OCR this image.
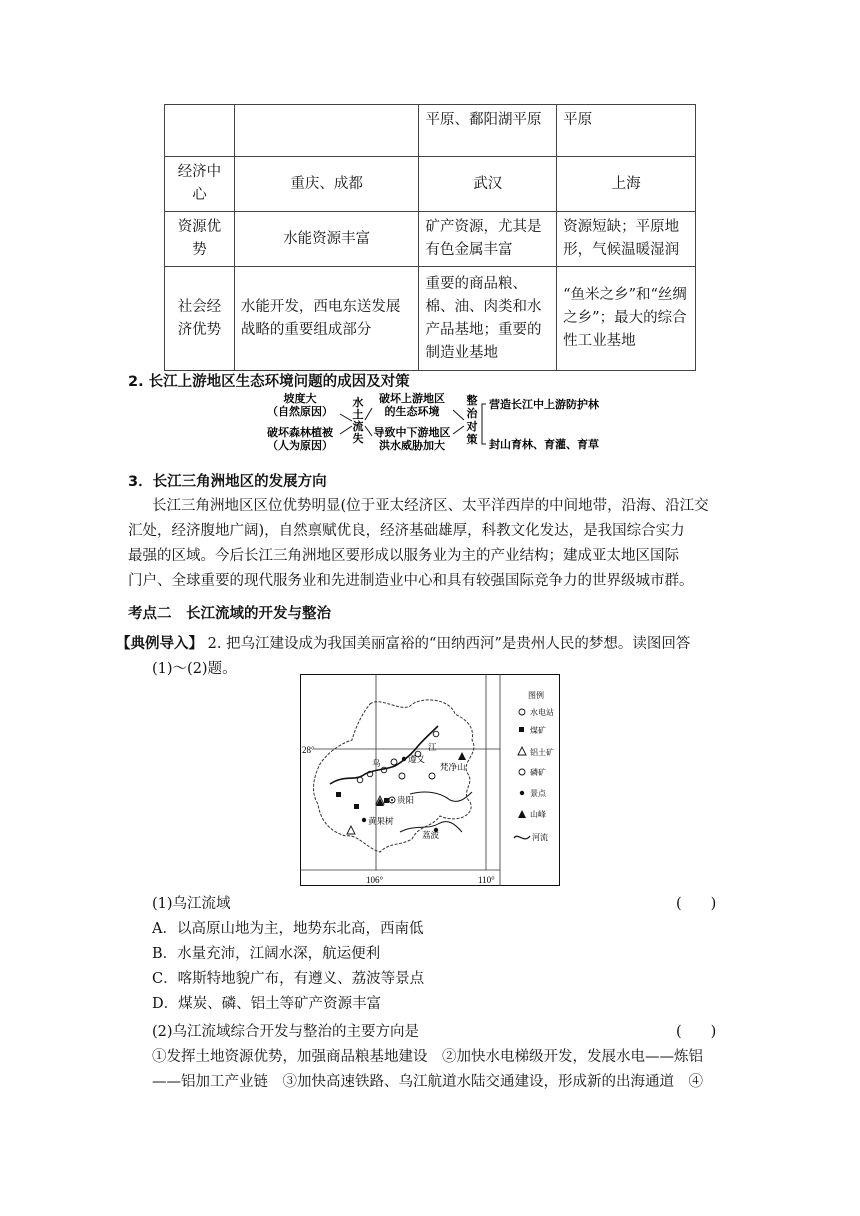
		平原、鄱阳湖平原	平原
经济中心	重庆、成都	武汉	上海
资源优势	水能资源丰富	矿产资源，尤其是有色金属丰富	资源短缺；平原地形，气候温暖湿润
社会经济优势	水能开发，西电东送发展战略的重要组成部分	重要的商品粮、棉、油、肉类和水产品基地；重要的制造业基地	“鱼米之乡”和“丝绸之乡”；最大的综合性工业基地
2. 长江上游地区生态环境问题的成因及对策
坡度大
（自然原因）
破坏森林植被
（人为原因）
水
土
流
失
破坏上游地区
的生态环境
导致中下游地区
洪水威胁加大
整
治
对
策
营造长江中上游防护林
封山育林、育灌、育草
3．长江三角洲地区的发展方向
长江三角洲地区区位优势明显(位于亚太经济区、太平洋西岸的中间地带，沿海、沿江交
汇处，经济腹地广阔)，自然禀赋优良，经济基础雄厚，科教文化发达，是我国综合实力
最强的区域。今后长江三角洲地区要形成以服务业为主的产业结构；建成亚太地区国际
门户、全球重要的现代服务业和先进制造业中心和具有较强国际竞争力的世界级城市群。
考点二　长江流域的开发与整治
【典例导入】 2. 把乌江建设成为我国美丽富裕的“田纳西河”是贵州人民的梦想。读图回答
(1)～(2)题。
28°
106°	110°
遵义
梵净山
贵阳
黄果树
荔波
乌
江
图例
水电站
煤矿
铝土矿
磷矿
景点
山峰
河流
(1)乌江流域	(　　)
A．以高原山地为主，地势东北高，西南低
B．水量充沛，江阔水深，航运便利
C．喀斯特地貌广布，有遵义、荔波等景点
D．煤炭、磷、铝土等矿产资源丰富
(2)乌江流域综合开发与整治的主要方向是	(　　)
①发挥土地资源优势，加强商品粮基地建设　②加快水电梯级开发，发展水电——炼铝
——铝加工产业链　③加快高速铁路、乌江航道水陆交通建设，形成新的出海通道　④
